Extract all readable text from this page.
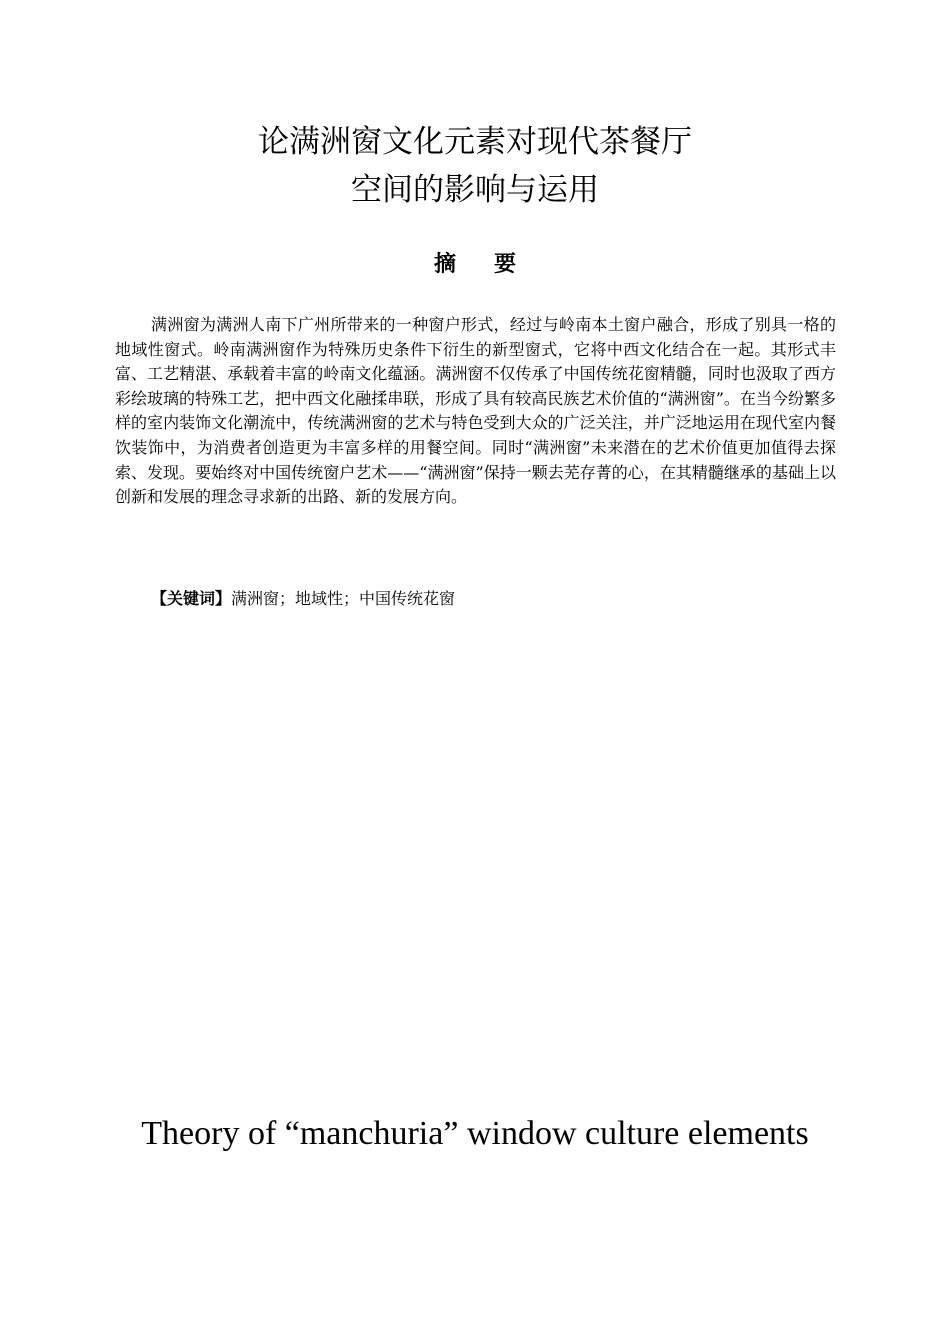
论满洲窗文化元素对现代茶餐厅
空间的影响与运用
摘要

满洲窗为满洲人南下广州所带来的一种窗户形式，经过与岭南本土窗户融合，形成了别具一格的地域性窗式。岭南满洲窗作为特殊历史条件下衍生的新型窗式，它将中西文化结合在一起。其形式丰富、工艺精湛、承载着丰富的岭南文化蕴涵。满洲窗不仅传承了中国传统花窗精髓，同时也汲取了西方彩绘玻璃的特殊工艺，把中西文化融揉串联，形成了具有较高民族艺术价值的“满洲窗”。在当今纷繁多样的室内装饰文化潮流中，传统满洲窗的艺术与特色受到大众的广泛关注，并广泛地运用在现代室内餐饮装饰中，为消费者创造更为丰富多样的用餐空间。同时“满洲窗”未来潜在的艺术价值更加值得去探索、发现。要始终对中国传统窗户艺术——“满洲窗”保持一颗去芜存菁的心，在其精髓继承的基础上以创新和发展的理念寻求新的出路、新的发展方向。

【关键词】满洲窗；地域性；中国传统花窗
Theory of “manchuria” window culture elements
